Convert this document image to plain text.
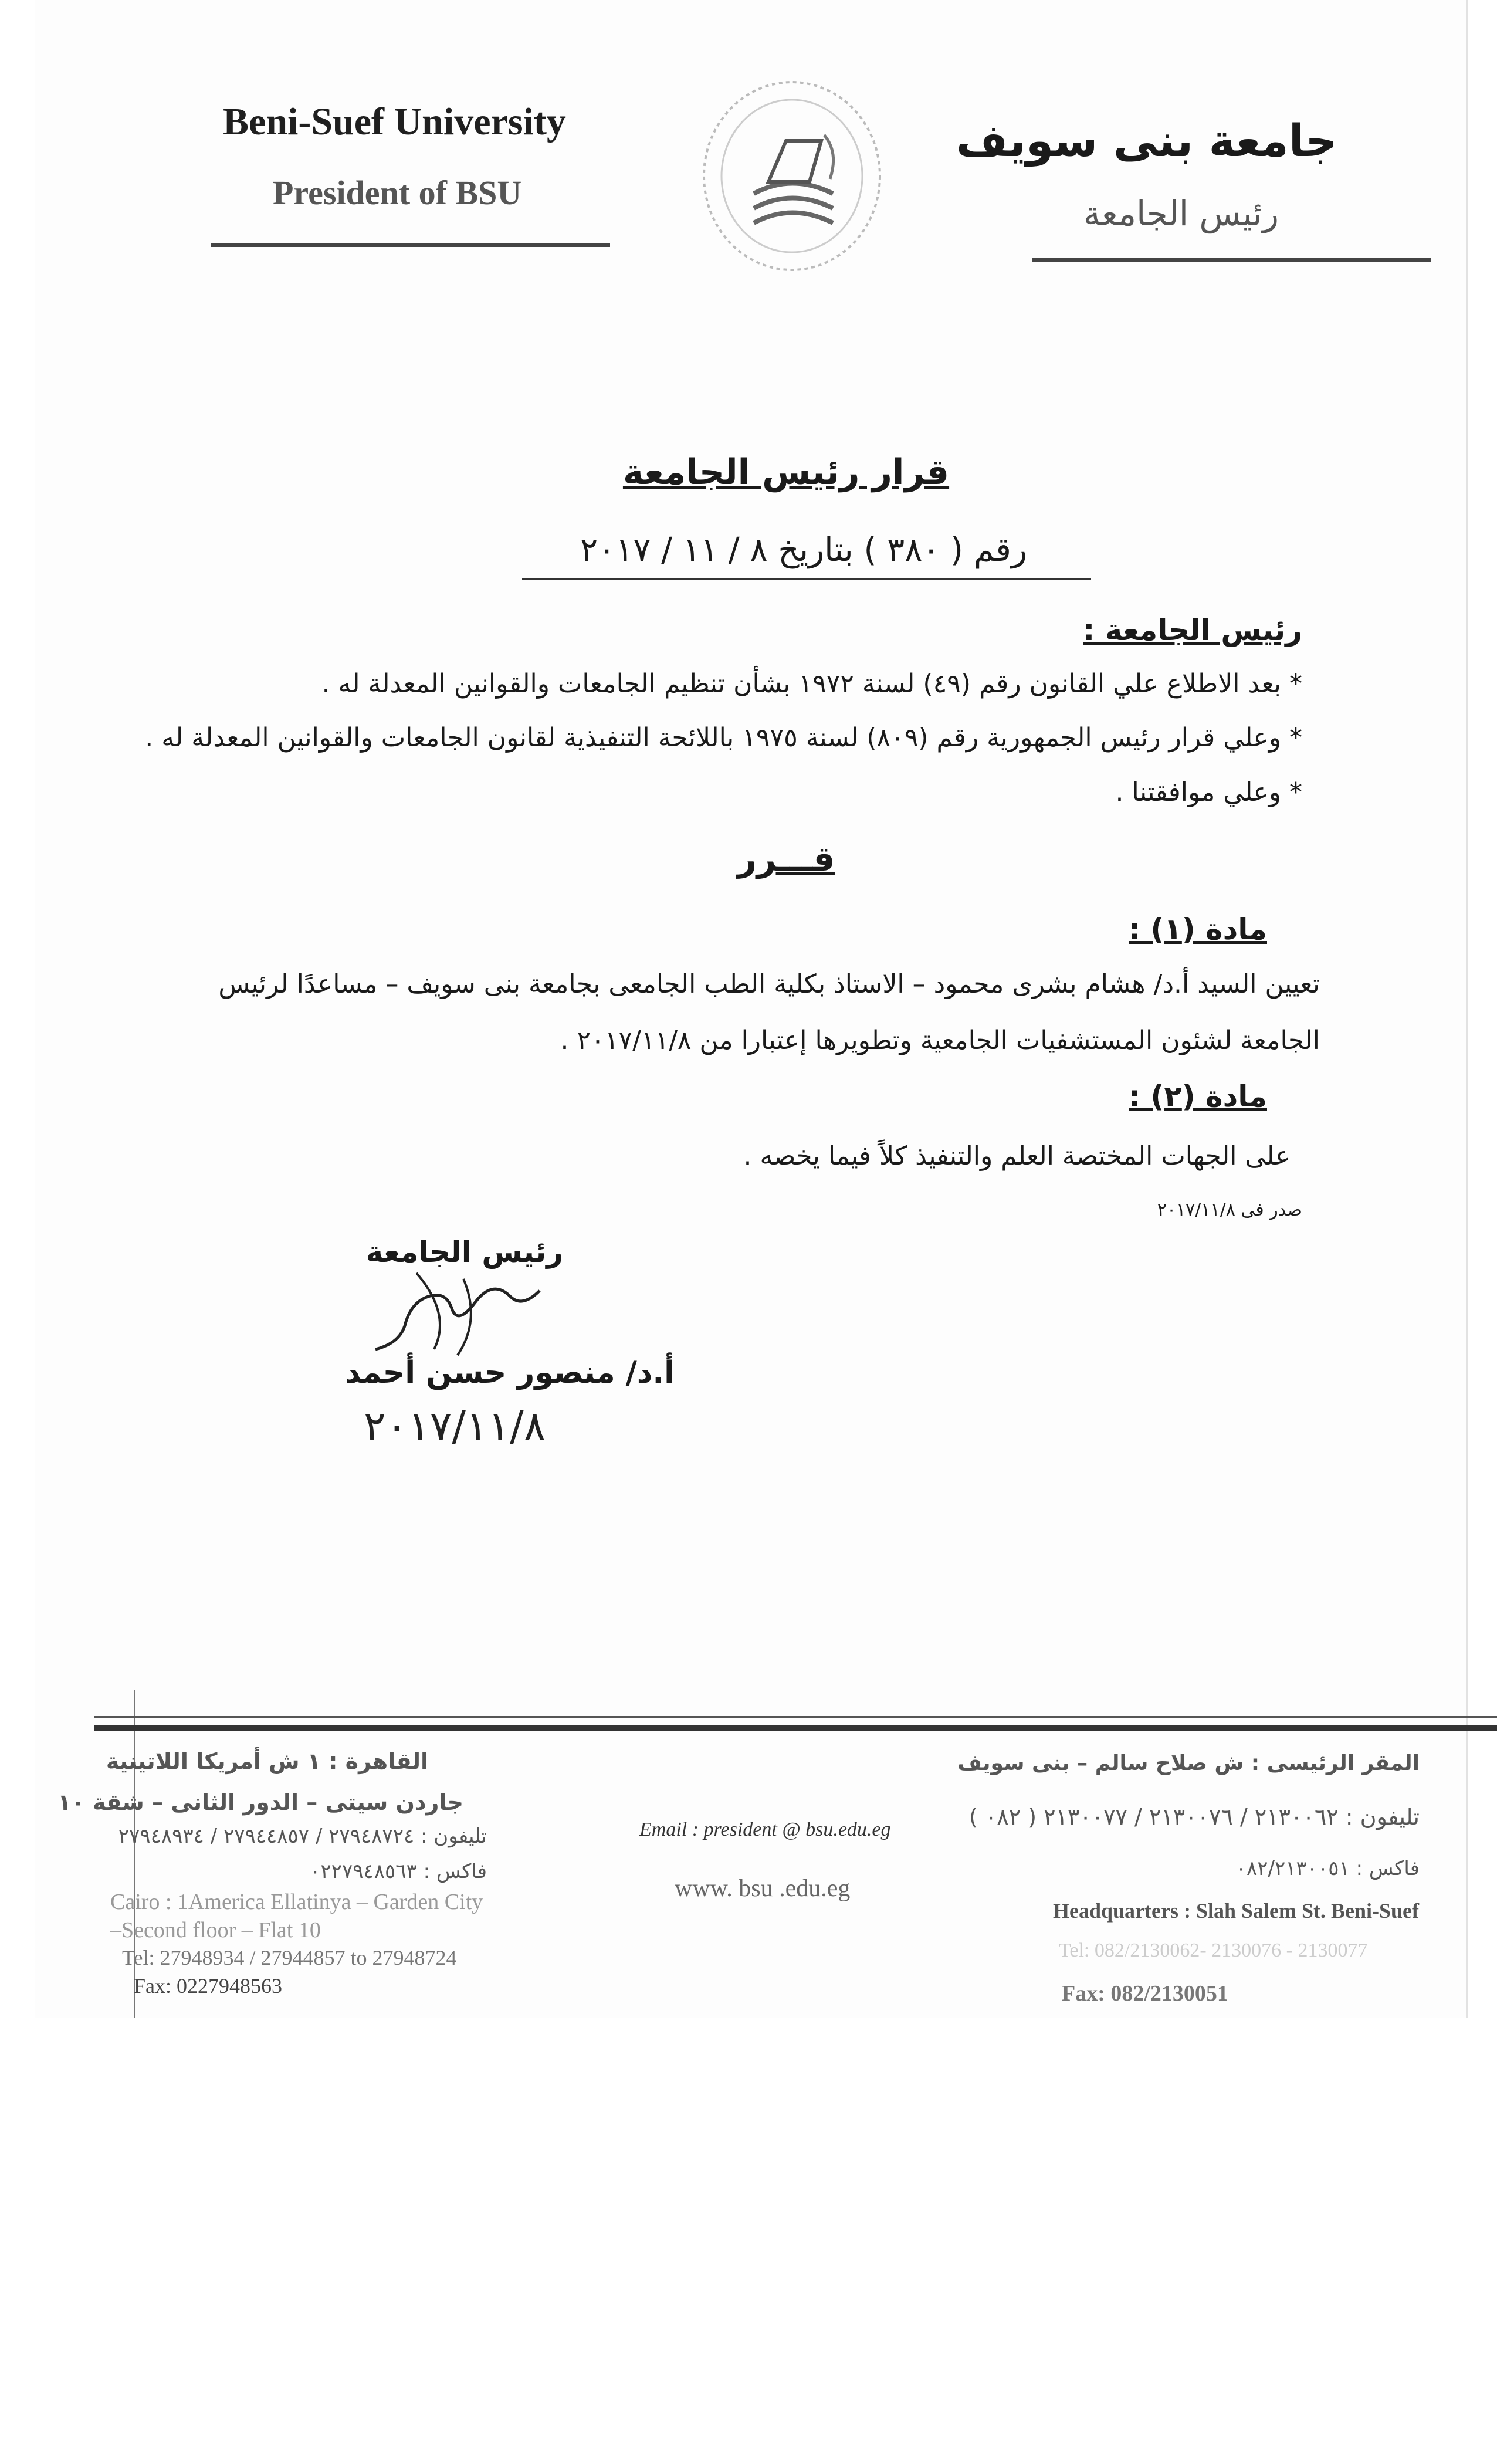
Beni-Suef University
President of BSU
جامعة بنى سويف
رئيس الجامعة
قرار رئيس الجامعة
رقم ( ٣٨٠ ) بتاريخ ٨ / ١١ / ٢٠١٧
رئيس الجامعة :
* بعد الاطلاع علي القانون رقم (٤٩) لسنة ١٩٧٢ بشأن تنظيم الجامعات والقوانين المعدلة له .
* وعلي قرار رئيس الجمهورية رقم (٨٠٩) لسنة ١٩٧٥ باللائحة التنفيذية لقانون الجامعات والقوانين المعدلة له .
* وعلي موافقتنا .
قـــرر
مادة (١) :
تعيين السيد أ.د/ هشام بشرى محمود – الاستاذ بكلية الطب الجامعى بجامعة بنى سويف – مساعدًا لرئيس
الجامعة لشئون المستشفيات الجامعية وتطويرها إعتبارا من ٢٠١٧/١١/٨ .
مادة (٢) :
على الجهات المختصة العلم والتنفيذ كلاً فيما يخصه .
صدر فى ٢٠١٧/١١/٨
رئيس الجامعة
أ.د/ منصور حسن أحمد
٢٠١٧/١١/٨
القاهرة : ١ ش أمريكا اللاتينية
جاردن سيتى – الدور الثانى – شقة ١٠
تليفون : ٢٧٩٤٨٧٢٤ / ٢٧٩٤٤٨٥٧ / ٢٧٩٤٨٩٣٤
فاكس : ٠٢٢٧٩٤٨٥٦٣
Cairo : 1America Ellatinya – Garden City
–Second floor – Flat 10
Tel: 27948934 / 27944857 to 27948724
Fax: 0227948563
Email : president @ bsu.edu.eg
www. bsu .edu.eg
المقر الرئيسى : ش صلاح سالم – بنى سويف
تليفون : ٢١٣٠٠٦٢ / ٢١٣٠٠٧٦ / ٢١٣٠٠٧٧ ( ٠٨٢ )
فاكس : ٠٨٢/٢١٣٠٠٥١
Headquarters : Slah Salem St. Beni-Suef
Tel: 082/2130062- 2130076 - 2130077
Fax: 082/2130051
